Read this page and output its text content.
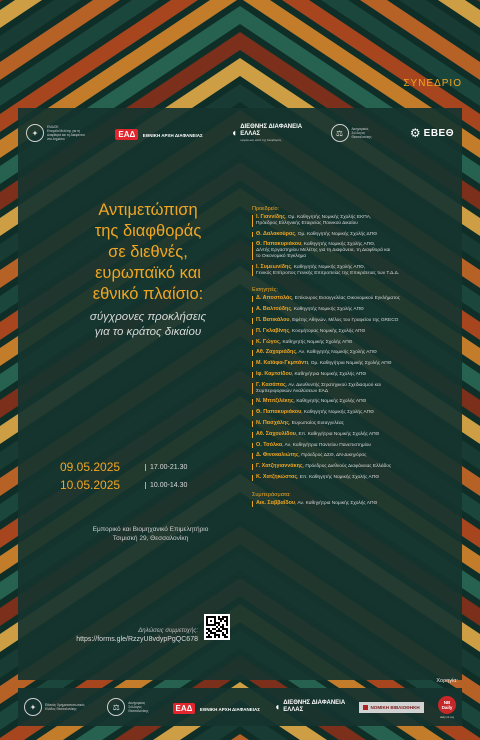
ΣΥΝΕΔΡΙΟ
✦
ΕΜΔΟΕ
Εταιρεία Μελέτης για τη Διαφθορά και τη Διαφάνεια στο Δημόσιο	ΕΑΔ ΕΘΝΙΚΗ ΑΡΧΗ ΔΙΑΦΑΝΕΙΑΣ	◖
ΔΙΕΘΝΗΣ ΔΙΑΦΑΝΕΙΑ
ΕΛΛΑΣ
οργάνωση κατά της διαφθοράς
⚖	Δικηγορικός Σύλλογος Θεσσαλονίκης	⚙ ΕΒΕΘ
Αντιμετώπιση
της διαφθοράς
σε διεθνές,
ευρωπαϊκό και
εθνικό πλαίσιο:
σύγχρονες προκλήσεις
για το κράτος δικαίου
09.05.2025	17.00-21.30
10.05.2025	10.00-14.30
Εμπορικό και Βιομηχανικό Επιμελητήριο
Τσιμισκή 29, Θεσσαλονίκη
Δηλώσεις συμμετοχής:
https://forms.gle/RzzyU8vdypPgQC678
Προεδρείο:
Ι. Γιαννίδης, Ομ. Καθηγητής Νομικής Σχολής ΕΚΠΑ,
Πρόεδρος Ελληνικής Εταιρείας Ποινικού Δικαίου
Θ. Δαλακούρας, Ομ. Καθηγητής Νομικής Σχολής ΔΠΘ
Θ. Παπακυριάκου, Καθηγητής Νομικής Σχολής ΑΠΘ,
Δ/ντής Εργαστηρίου Μελέτης για τη Διαφάνεια, τη Διαφθορά και
το Οικονομικό Έγκλημα
Ι. Συμεωνίδης, Καθηγητής Νομικής Σχολής ΑΠΘ,
Γενικός Επίτροπος Γενικής Επιτροπείας της Επικράτειας των Τ.Δ.Δ.
Εισηγητές:
Δ. Αποστολάς, Επίκουρος Εισαγγελέας Οικονομικού Εγκλήματος
Α. Βαλτούδης, Καθηγητής Νομικής Σχολής ΑΠΘ
Π. Βατικάλου, Εφέτης Αθηνών, Μέλος του Γραφείου της GRECO
Π. Γκλαβίνης, Κοσμήτορας Νομικής Σχολής ΑΠΘ
Κ. Γώγος, Καθηγητής Νομικής Σχολής ΑΠΘ
Αθ. Ζαχαριάδης, Αν. Καθηγητής Νομικής Σχολής ΑΠΘ
Μ. Καϊάφα-Γκμπάντι, Ομ. Καθηγήτρια Νομικής Σχολής ΑΠΘ
Ιφ. Καμτσίδου, Καθηγήτρια Νομικής Σχολής ΑΠΘ
Γ. Κασάπας, Αν. Διευθυντής Στρατηγικού Σχεδιασμού και
Συμπεριφορικών Αναλύσεων ΕΑΔ
Ν. Μπιτζιλέκης, Καθηγητής Νομικής Σχολής ΑΠΘ
Θ. Παπακυριάκου, Καθηγητής Νομικής Σχολής ΑΠΘ
Ν. Πασχάλης, Ευρωπαίος Εισαγγελέας
Αθ. Σαχουλίδου, Επ. Καθηγήτρια Νομικής Σχολής ΑΠΘ
Ο. Τσόλκα, Αν. Καθηγήτρια Παντείου Πανεπιστημίου
Δ. Φινοκαλιώτης, Πρόεδρος ΔΣΘ, ΔΝ-Δικηγόρος
Γ. Χατζηγιαννάκης, Πρόεδρος Διεθνούς Διαφάνειας Ελλάδος
Κ. Χατζηκώστας, Επ. Καθηγητής Νομικής Σχολής ΑΠΘ
Συμπεράσματα:
Αικ. Σαββαΐδου, Αν. Καθηγήτρια Νομικής Σχολής ΑΠΘ
Χορηγία:
✦	Εθνικός Χρηματοπιστωτικός Κλάδος Θεσσαλονίκης	⚖	Δικηγορικός Σύλλογος Θεσσαλονίκης	ΕΑΔ ΕΘΝΙΚΗ ΑΡΧΗ ΔΙΑΦΑΝΕΙΑΣ ◖ ΔΙΕΘΝΗΣ ΔΙΑΦΑΝΕΙΑ
ΕΛΛΑΣ	ΝΟΜΙΚΗ ΒΙΒΛΙΟΘΗΚΗ
NB
Daily
daily.nb.org
